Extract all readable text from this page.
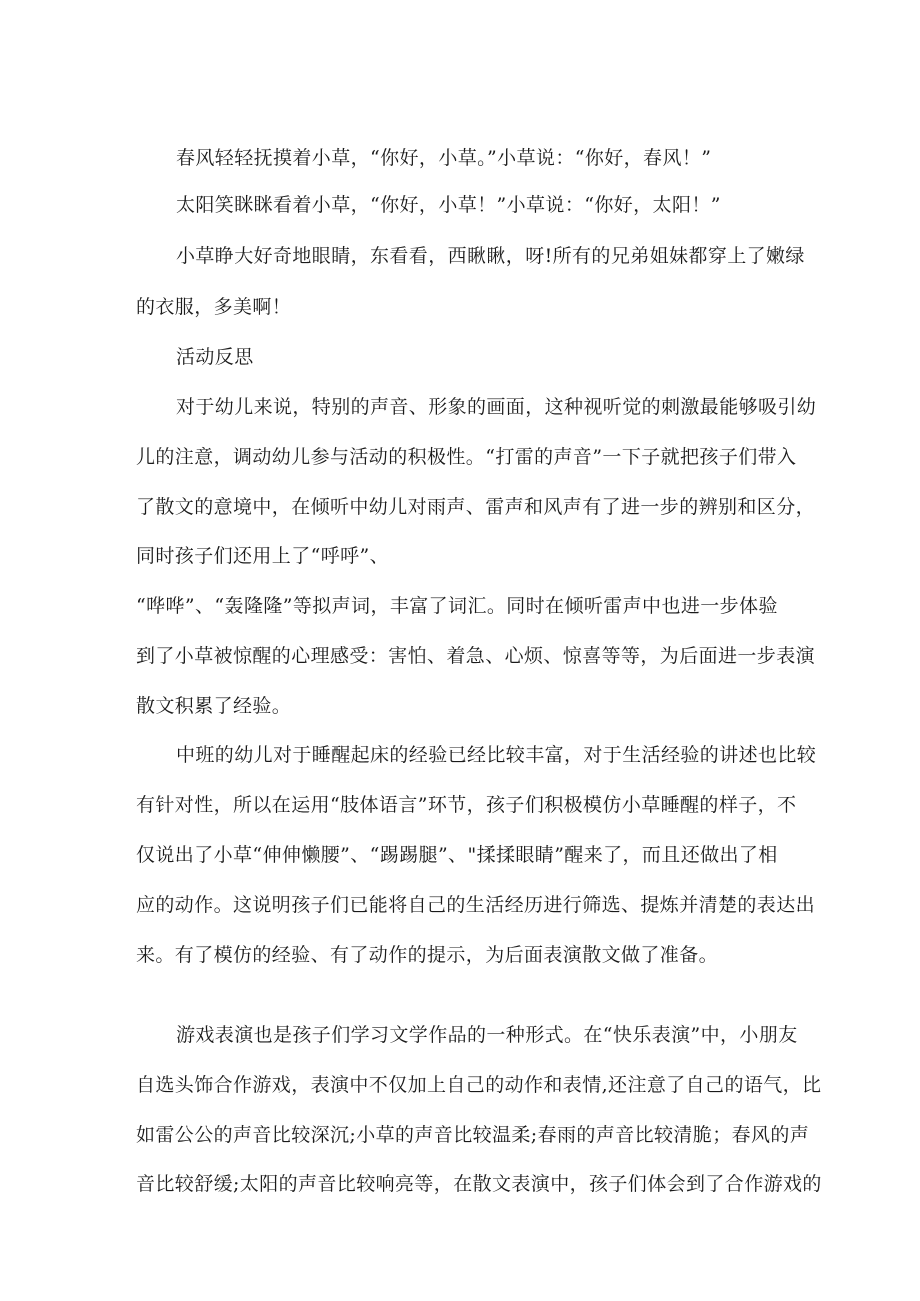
春风轻轻抚摸着小草，“你好，小草。”小草说：“你好，春风！”
太阳笑眯眯看着小草，“你好，小草！”小草说：“你好，太阳！”
小草睁大好奇地眼睛，东看看，西瞅瞅，呀!所有的兄弟姐妹都穿上了嫩绿
的衣服，多美啊！
活动反思
对于幼儿来说，特别的声音、形象的画面，这种视听觉的刺激最能够吸引幼
儿的注意，调动幼儿参与活动的积极性。“打雷的声音”一下子就把孩子们带入
了散文的意境中，在倾听中幼儿对雨声、雷声和风声有了进一步的辨别和区分，
同时孩子们还用上了“呼呼”、
“哗哗”、“轰隆隆”等拟声词，丰富了词汇。同时在倾听雷声中也进一步体验
到了小草被惊醒的心理感受：害怕、着急、心烦、惊喜等等，为后面进一步表演
散文积累了经验。
中班的幼儿对于睡醒起床的经验已经比较丰富，对于生活经验的讲述也比较
有针对性，所以在运用“肢体语言”环节，孩子们积极模仿小草睡醒的样子，不
仅说出了小草“伸伸懒腰”、“踢踢腿”、"揉揉眼睛”醒来了，而且还做出了相
应的动作。这说明孩子们已能将自己的生活经历进行筛选、提炼并清楚的表达出
来。有了模仿的经验、有了动作的提示，为后面表演散文做了准备。
游戏表演也是孩子们学习文学作品的一种形式。在“快乐表演”中，小朋友
自选头饰合作游戏，表演中不仅加上自己的动作和表情,还注意了自己的语气，比
如雷公公的声音比较深沉;小草的声音比较温柔;春雨的声音比较清脆；春风的声
音比较舒缓;太阳的声音比较响亮等，在散文表演中，孩子们体会到了合作游戏的
